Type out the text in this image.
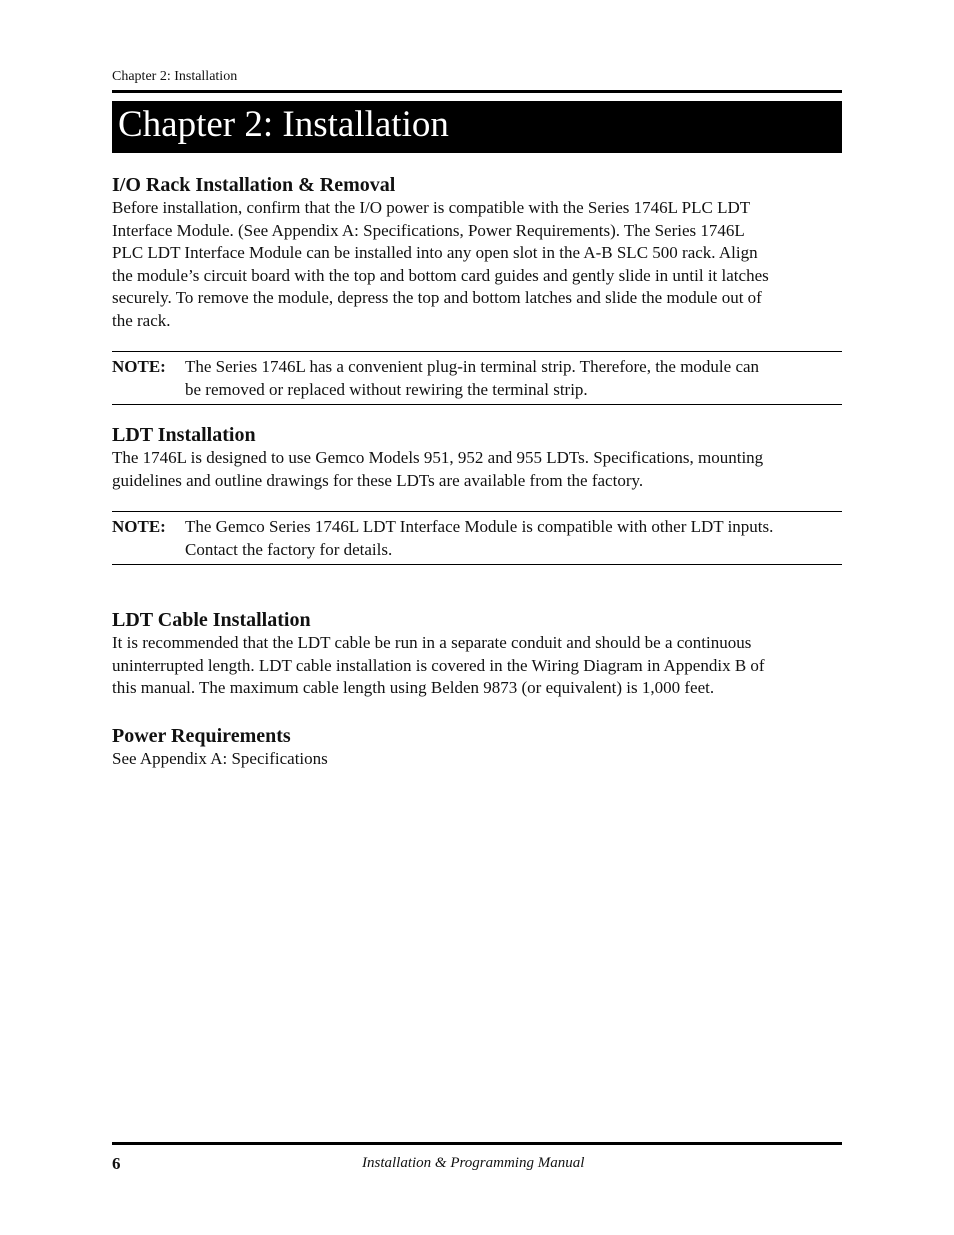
Chapter 2: Installation
Chapter 2: Installation
I/O Rack Installation & Removal
Before installation, confirm that the I/O power is compatible with the Series 1746L PLC LDT
Interface Module. (See Appendix A: Specifications, Power Requirements). The Series 1746L
PLC LDT Interface Module can be installed into any open slot in the A-B SLC 500 rack. Align
the module’s circuit board with the top and bottom card guides and gently slide in until it latches
securely. To remove the module, depress the top and bottom latches and slide the module out of
the rack.
NOTE: The Series 1746L has a convenient plug-in terminal strip. Therefore, the module can
be removed or replaced without rewiring the terminal strip.
LDT Installation
The 1746L is designed to use Gemco Models 951, 952 and 955 LDTs. Specifications, mounting
guidelines and outline drawings for these LDTs are available from the factory.
NOTE: The Gemco Series 1746L LDT Interface Module is compatible with other LDT inputs.
Contact the factory for details.
LDT Cable Installation
It is recommended that the LDT cable be run in a separate conduit and should be a continuous
uninterrupted length. LDT cable installation is covered in the Wiring Diagram in Appendix B of
this manual. The maximum cable length using Belden 9873 (or equivalent) is 1,000 feet.
Power Requirements
See Appendix A: Specifications
6	Installation & Programming Manual
